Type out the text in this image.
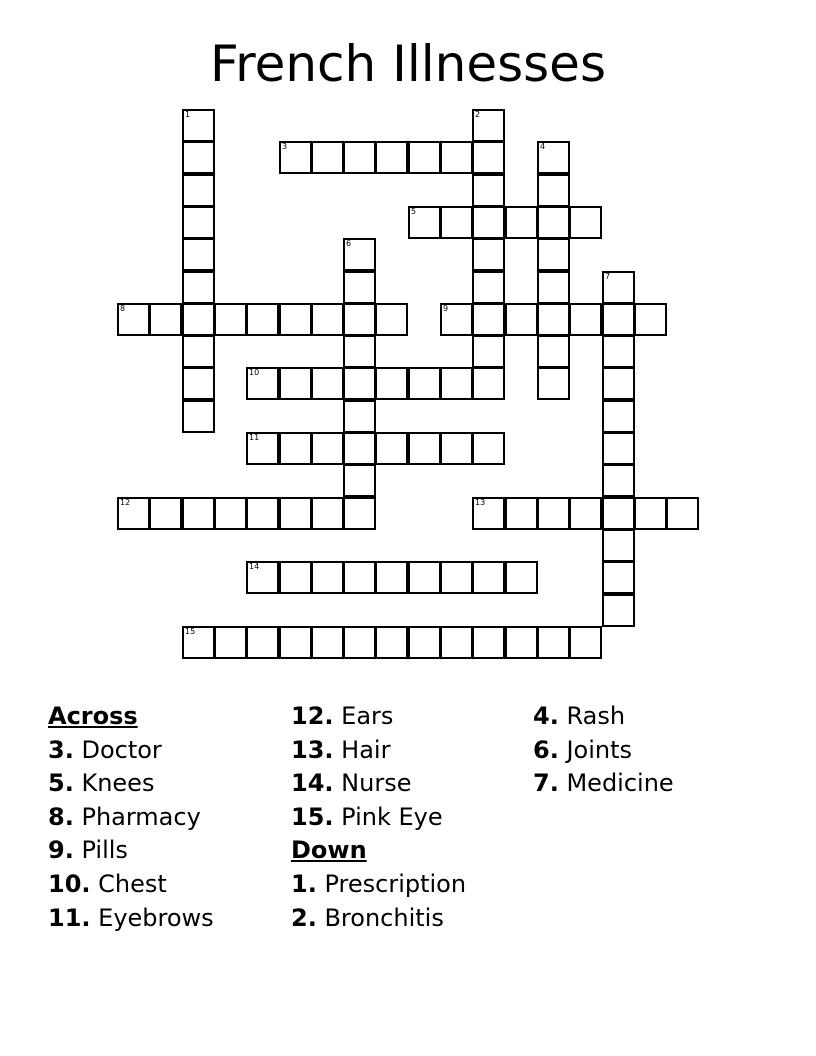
French Illnesses
1	2
3	4
5
6
7
8	9
10
11
12	13
14
15
Across
3. Doctor
5. Knees
8. Pharmacy
9. Pills
10. Chest
11. Eyebrows
12. Ears
13. Hair
14. Nurse
15. Pink Eye
Down
1. Prescription
2. Bronchitis
4. Rash
6. Joints
7. Medicine
